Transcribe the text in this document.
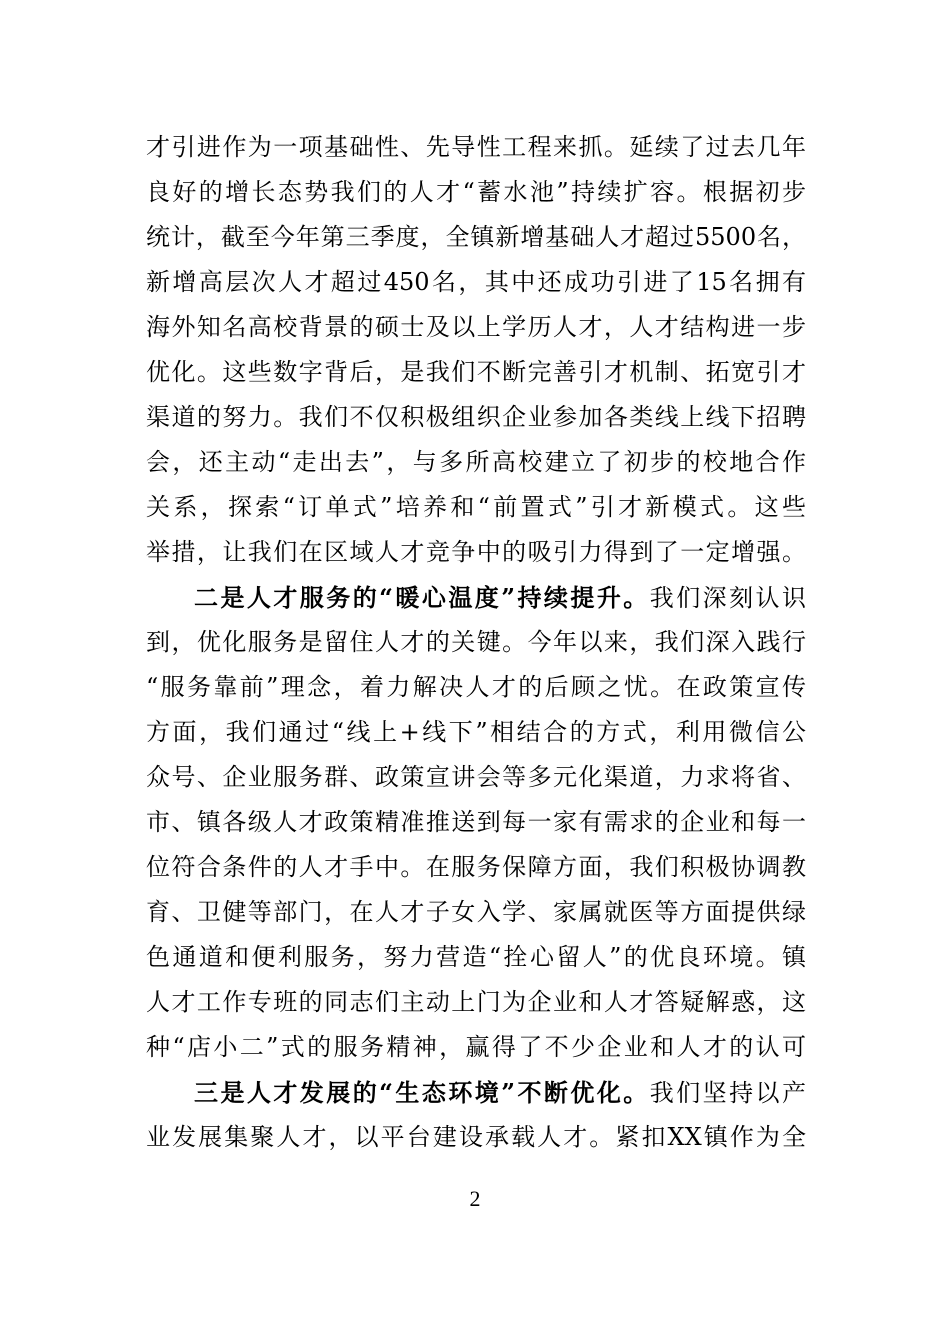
才引进作为一项基础性、先导性工程来抓。延续了过去几年
良好的增长态势我们的人才“蓄水池”持续扩容。根据初步
统计，截至今年第三季度，全镇新增基础人才超过5500名，
新增高层次人才超过450名，其中还成功引进了15名拥有
海外知名高校背景的硕士及以上学历人才，人才结构进一步
优化。这些数字背后，是我们不断完善引才机制、拓宽引才
渠道的努力。我们不仅积极组织企业参加各类线上线下招聘
会，还主动“走出去”，与多所高校建立了初步的校地合作
关系，探索“订单式”培养和“前置式”引才新模式。这些
举措，让我们在区域人才竞争中的吸引力得到了一定增强。
二是人才服务的“暖心温度”持续提升。我们深刻认识
到，优化服务是留住人才的关键。今年以来，我们深入践行
“服务靠前”理念，着力解决人才的后顾之忧。在政策宣传
方面，我们通过“线上+线下”相结合的方式，利用微信公
众号、企业服务群、政策宣讲会等多元化渠道，力求将省、
市、镇各级人才政策精准推送到每一家有需求的企业和每一
位符合条件的人才手中。在服务保障方面，我们积极协调教
育、卫健等部门，在人才子女入学、家属就医等方面提供绿
色通道和便利服务，努力营造“拴心留人”的优良环境。镇
人才工作专班的同志们主动上门为企业和人才答疑解惑，这
种“店小二”式的服务精神，赢得了不少企业和人才的认可
三是人才发展的“生态环境”不断优化。我们坚持以产
业发展集聚人才，以平台建设承载人才。紧扣XX镇作为全
2
